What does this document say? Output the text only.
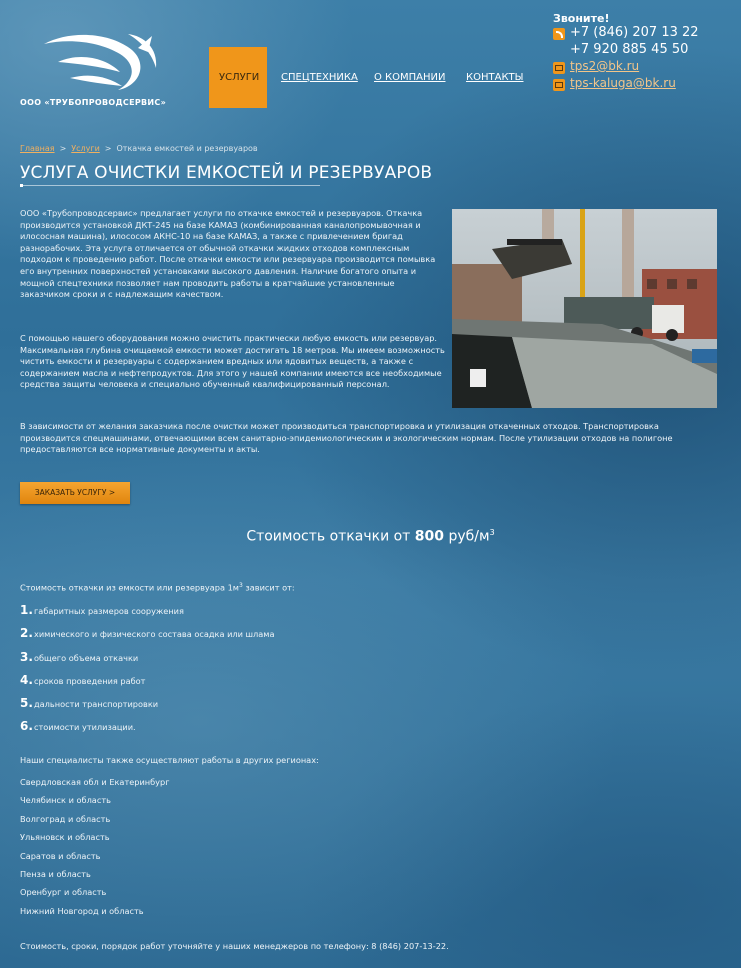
ООО «ТРУБОПРОВОДСЕРВИС»
УСЛУГИ	СПЕЦТЕХНИКА О КОМПАНИИ КОНТАКТЫ
Звоните!
+7 (846) 207 13 22
+7 920 885 45 50
tps2@bk.ru
tps-kaluga@bk.ru
Главная > Услуги > Откачка емкостей и резервуаров
УСЛУГА ОЧИСТКИ ЕМКОСТЕЙ И РЕЗЕРВУАРОВ

ООО «Трубопроводсервис» предлагает услуги по откачке емкостей и резервуаров. Откачка производится установкой ДКТ-245 на базе КАМАЗ (комбинированная каналопромывочная и илососная машина), илососом АКНС-10 на базе КАМАЗ, а также с привлечением бригад разнорабочих. Эта услуга отличается от обычной откачки жидких отходов комплексным подходом к проведению работ. После откачки емкости или резервуара производится помывка его внутренних поверхностей установками высокого давления. Наличие богатого опыта и мощной спецтехники позволяет нам проводить работы в кратчайшие установленные заказчиком сроки и с надлежащим качеством.

С помощью нашего оборудования можно очистить практически любую емкость или резервуар. Максимальная глубина очищаемой емкости может достигать 18 метров. Мы имеем возможность чистить емкости и резервуары с содержанием вредных или ядовитых веществ, а также с содержанием масла и нефтепродуктов. Для этого у нашей компании имеются все необходимые средства защиты человека и специально обученный квалифицированный персонал.

В зависимости от желания заказчика после очистки может производиться транспортировка и утилизация откаченных отходов. Транспортировка производится спецмашинами, отвечающими всем санитарно-эпидемиологическим и экологическим нормам. После утилизации отходов на полигоне предоставляются все нормативные документы и акты.

ЗАКАЗАТЬ УСЛУГУ >
Стоимость откачки от 800 руб/$м^3$

Стоимость откачки из емкости или резервуара $1м^3$ зависит от:

1.габаритных размеров сооружения
2.химического и физического состава осадка или шлама
3.общего объема откачки
4.сроков проведения работ
5.дальности транспортировки
6.стоимости утилизации.

Наши специалисты также осуществляют работы в других регионах:

Свердловская обл и Екатеринбург
Челябинск и область
Волгоград и область
Ульяновск и область
Саратов и область
Пенза и область
Оренбург и область
Нижний Новгород и область

Стоимость, сроки, порядок работ уточняйте у наших менеджеров по телефону: 8 (846) 207-13-22.
